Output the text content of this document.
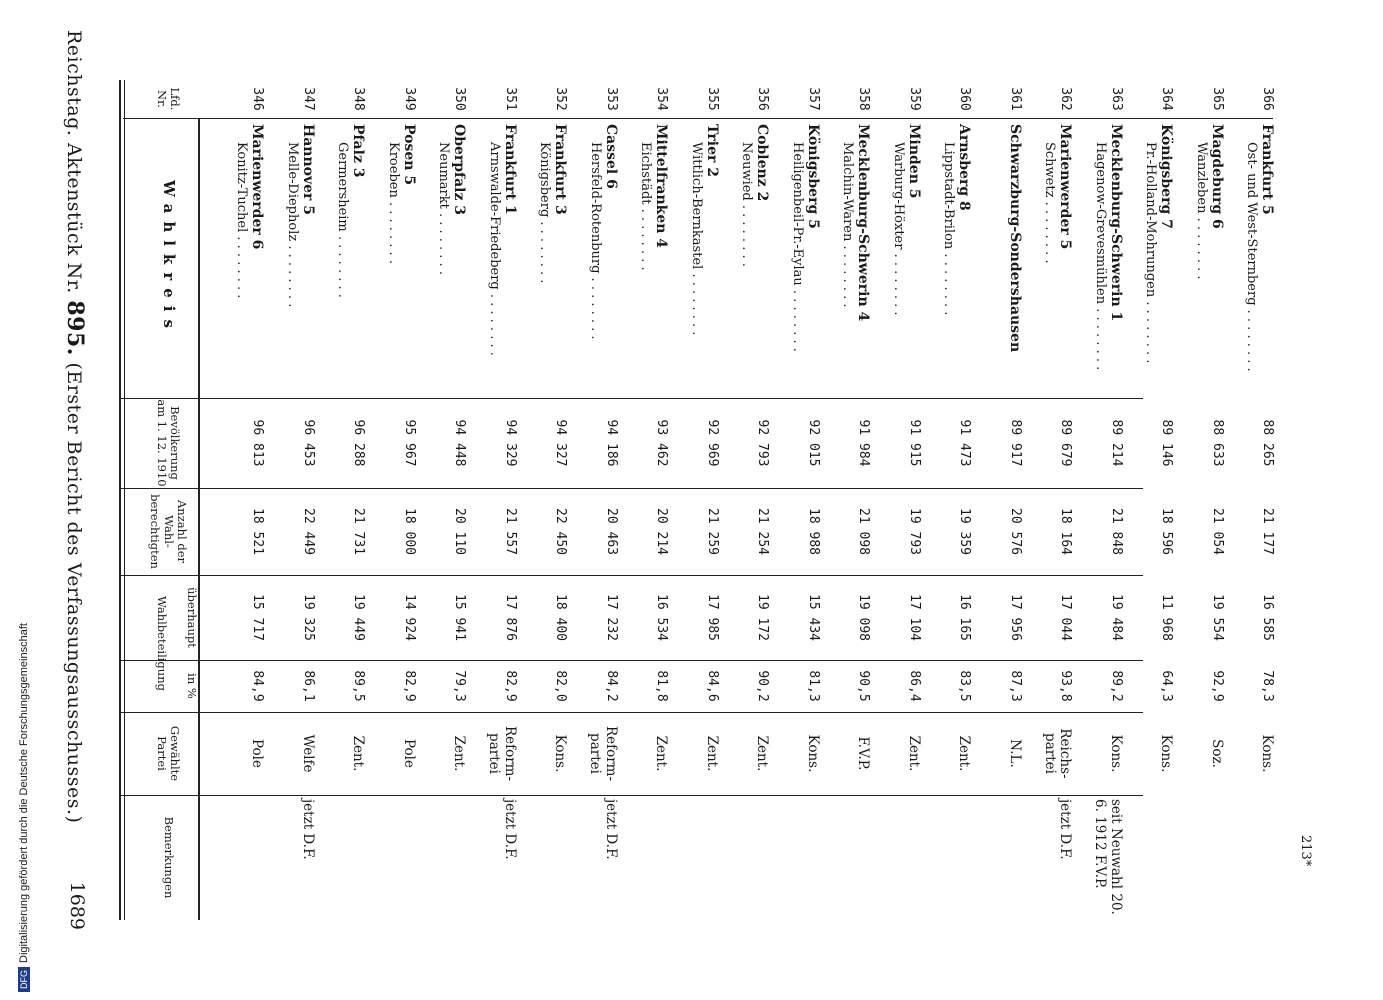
Reichstag. Aktenstück Nr. 895. (Erster Bericht des Verfassungsausschusses.)
1689
Lfd. Nr.
Wahlkreis
Bevölkerung am 1. 12. 1910
Anzahl der Wahl-berechtigten
Gewählte Partei
Bemerkungen
Wahlbeteiligung überhaupt
in %
346
Marienwerder 6
Konitz-Tuchel . . . . . . . .
96 813
18 521
15 717
84,9
Pole
347
Hannover 5
Melle-Diepholz . . . . . . . .
96 453
22 449
19 325
86,1
Welfe
jetzt D.F.
348
Pfalz 3
Germersheim . . . . . . . .
96 288
21 731
19 449
89,5
Zent.
349
Posen 5
Kroeben . . . . . . . .
95 967
18 000
14 924
82,9
Pole
350
Oberpfalz 3
Neumarkt . . . . . . . .
94 448
20 110
15 941
79,3
Zent.
351
Frankfurt 1
Arnswalde-Friedeberg . . . . . . . .
94 329
21 557
17 876
82,9
Reform-partei
jetzt D.F.
352
Frankfurt 3
Königsberg . . . . . . . .
94 327
22 450
18 400
82,0
Kons.
353
Cassel 6
Hersfeld-Rotenburg . . . . . . . .
94 186
20 463
17 232
84,2
Reform-partei
jetzt D.F.
354
Mittelfranken 4
Eichstädt . . . . . . . .
93 462
20 214
16 534
81,8
Zent.
355
Trier 2
Wittlich-Bernkastel . . . . . . . .
92 969
21 259
17 985
84,6
Zent.
356
Coblenz 2
Neuwied . . . . . . . .
92 793
21 254
19 172
90,2
Zent.
357
Königsberg 5
Heiligenbeil-Pr.-Eylau . . . . . . . .
92 015
18 988
15 434
81,3
Kons.
358
Mecklenburg-Schwerin 4
Malchin-Waren . . . . . . . .
91 984
21 098
19 098
90,5
F.V.P.
359
Minden 5
Warburg-Höxter . . . . . . . .
91 915
19 793
17 104
86,4
Zent.
360
Arnsberg 8
Lippstadt-Brilon . . . . . . . .
91 473
19 359
16 165
83,5
Zent.
361
Schwarzburg-Sondershausen
89 917
20 576
17 956
87,3
N.L.
362
Marienwerder 5
Schwetz . . . . . . . .
89 679
18 164
17 044
93,8
Reichs-partei
jetzt D.F.
363
Mecklenburg-Schwerin 1
Hagenow-Grevesmühlen . . . . . . . .
89 214
21 848
19 484
89,2
Kons.
seit Neuwahl 20. 6. 1912 F.V.P.
364
Königsberg 7
Pr.-Holland-Mohrungen . . . . . . . .
89 146
18 596
11 968
64,3
Kons.
365
Magdeburg 6
Wanzleben . . . . . . . .
88 633
21 054
19 554
92,9
Soz.
366
Frankfurt 5
Ost- und West-Sternberg . . . . . . . .
88 265
21 177
16 585
78,3
Kons.
213*
DFGDigitalisierung gefördert durch die Deutsche Forschungsgemeinschaft
